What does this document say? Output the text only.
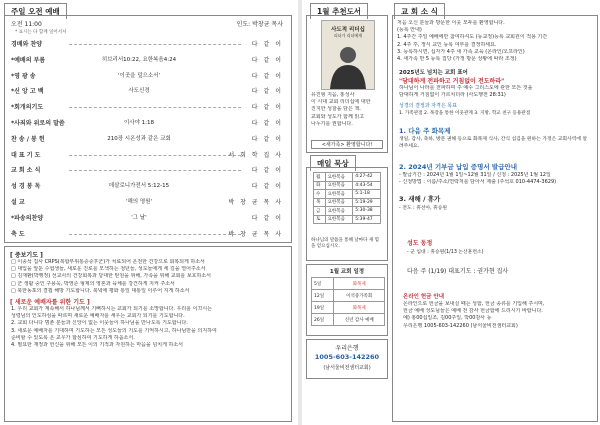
주일 오전 예배
오전 11:00	인도: 박창균 목사
* 표시는 다 함께 일어서서
경배와 찬양	다 같 이
*예배의 부름	히브리서10:22, 요한복음4:24	다 같 이
*영 광 송	'이곳을 덮으소서'	다 같 이
*신 앙 고 백	사도신경	다 같 이
*회개의기도	다 같 이
*사죄와 위로의 말씀	이사야 1:18	다 같 이
찬 송 / 봉 헌	210장 시온성과 같은 교회	다 같 이
대 표 기 도	서 회 학 집 사
교 회 소 식	다 같 이
성 경 봉 독	데살로니가전서 5:12-15	다 같 이
설 교	'해의 영원'	박 창 균 목 사
*파송의찬양	'그 날'	다 같 이
축 도	박 창 균 목 사
[ 중보기도 ]
□ 이종석 집사 CRPS(복합부위통증증후군)가 치료되어 온전한 건강으로 회복되게 하소서
□ 대입을 앞둔 수험생들, 새로운 진로를 모색하는 청년들, 성도들에게 세 길을 열어주소서
□ 김재환(박행정) 선교사의 건강회복과 당대한 탄원을 위해, 가족을 위해 교회를 보호하소서
□ 군 생활 중인 구용욱, 박영준 형제의 영혼과 육체를 강건하게 지켜 주소서
□ 북한동포의 결핍 해방 기도합니다. 북녘에 평화 통일 대통일 이루어 지게 하소서
[ 새로운 예배자를 위한 기도 ]
1. 우리 교회가 계속해서 하나님께서 기뻐하시는 교회가 되기를 소망합니다. 우리를 이끄시는
성령님의 인도하심을 따르며 새로운 예배자를 세우는 교회가 되기를 기도합니다.
2. 교회 다니다 멈춘 분들과 신앙이 없는 이웃들이 하나님을 만나도록 기도합니다.
3. 새로운 예배자를 기대하며 기도하는 모든 성도들의 기도를 기억하시고, 하나님만을 의지하여
준비할 수 있도록 온 교우가 합심하여 기도하게 하옵소서.
4. 필요한 재정과 헌신을 위해 모든 이의 기적과 자원하는 마음을 넘치게 하소서
1월 추천도서
사도적 리더십
리더가 리더에게
유진형 지음, 홍성사
이 시대 교회 리더십에 대한
진지한 성찰을 담은 책.
교회와 성도가 함께 읽고
나누기를 권합니다.
<새가족> 환영합니다!
매일 묵상
월	요한복음	4:27-42
화	요한복음	4:43-54
수	요한복음	5:1-18
목	요한복음	5:19-29
금	요한복음	5:30-38
토	요한복음	5:39-47
하나님의 말씀을 통해 날마다 새 힘을 얻으십시오.
1월 교회 일정
5일	화목제
12일	이석중가족회
19일	화목제
26일	신년 감사 예배
우리은행
1005-603-142260
(남서울비전샘터교회)
교 회 소 식
처음 오신 분들과 방문한 이웃 모두를 환영합니다.
(등록 안내)
1. 4주간 주일 예배에만 참여하셔도 (등교정)등록 교회원이 적용 기간
2. 4주 후, 정식 교인 등록 여부를 결정하세요.
3. 등록하시면, 십자가 4주 새 가족 교육 (온라인/오프라인)
4. 새가족 반 5 등록 집당 (가정 방문 상황에 따라 조정)
2025년도 넘치는 교회 표어
"담대하게 전파하고 거침없이 전도하라"
하나님이 나라를 전파하며 주 예수 그리스도에 관한 모든 것을
담대하게 거침없이 가르치더라 (사도행전 28:31)
성경의 결정과 자격은 목표
1. 가족관점 2. 목장을 통한 이웃관계 3. 지방, 학교 친구 등용관점
1. 다음 주 화목제
생일, 감사, 축하, 방문 권해 등으로 화목제 식사, 간식 섬김을 원하는 가정은 교회사역에 알려주세요.
2. 2024년 기부금 납입 증명서 발급안내
- 발급기간 : 2024년 1월 1일~12월 31일 / 신청 : 2025년 1월 12일
- 신청방법 : 이름/주소/연락처를 담아서 제출 (주석호 010-4474-3629)
3. 새해 / 휴가
- 전도 : 휴선아, 휴승원
성도 동정
- 군 입대 : 휴승원(1/13 논산훈련소)
다음 주 (1/19) 대표기도 : 권가현 집사
온라인 헌금 안내
온라인으로 헌금을 보내실 때는 성함, 헌금 종류를 기입해 주시며,
헌금 예배 성도님들은 예배 전 감사 헌금함에 드리시기 바랍니다.
예) 홍00십일조, 김00주일, 박00감사 등
우리은행 1005-603-142260 (남서울비전샘터교회)
